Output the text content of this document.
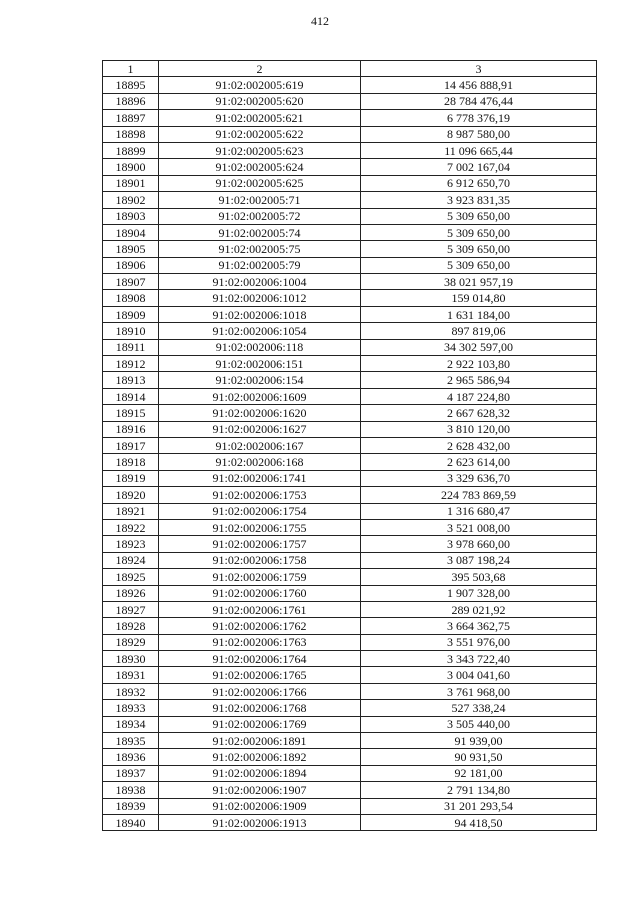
412
1	2	3
18895	91:02:002005:619	14 456 888,91
18896	91:02:002005:620	28 784 476,44
18897	91:02:002005:621	6 778 376,19
18898	91:02:002005:622	8 987 580,00
18899	91:02:002005:623	11 096 665,44
18900	91:02:002005:624	7 002 167,04
18901	91:02:002005:625	6 912 650,70
18902	91:02:002005:71	3 923 831,35
18903	91:02:002005:72	5 309 650,00
18904	91:02:002005:74	5 309 650,00
18905	91:02:002005:75	5 309 650,00
18906	91:02:002005:79	5 309 650,00
18907	91:02:002006:1004	38 021 957,19
18908	91:02:002006:1012	159 014,80
18909	91:02:002006:1018	1 631 184,00
18910	91:02:002006:1054	897 819,06
18911	91:02:002006:118	34 302 597,00
18912	91:02:002006:151	2 922 103,80
18913	91:02:002006:154	2 965 586,94
18914	91:02:002006:1609	4 187 224,80
18915	91:02:002006:1620	2 667 628,32
18916	91:02:002006:1627	3 810 120,00
18917	91:02:002006:167	2 628 432,00
18918	91:02:002006:168	2 623 614,00
18919	91:02:002006:1741	3 329 636,70
18920	91:02:002006:1753	224 783 869,59
18921	91:02:002006:1754	1 316 680,47
18922	91:02:002006:1755	3 521 008,00
18923	91:02:002006:1757	3 978 660,00
18924	91:02:002006:1758	3 087 198,24
18925	91:02:002006:1759	395 503,68
18926	91:02:002006:1760	1 907 328,00
18927	91:02:002006:1761	289 021,92
18928	91:02:002006:1762	3 664 362,75
18929	91:02:002006:1763	3 551 976,00
18930	91:02:002006:1764	3 343 722,40
18931	91:02:002006:1765	3 004 041,60
18932	91:02:002006:1766	3 761 968,00
18933	91:02:002006:1768	527 338,24
18934	91:02:002006:1769	3 505 440,00
18935	91:02:002006:1891	91 939,00
18936	91:02:002006:1892	90 931,50
18937	91:02:002006:1894	92 181,00
18938	91:02:002006:1907	2 791 134,80
18939	91:02:002006:1909	31 201 293,54
18940	91:02:002006:1913	94 418,50
